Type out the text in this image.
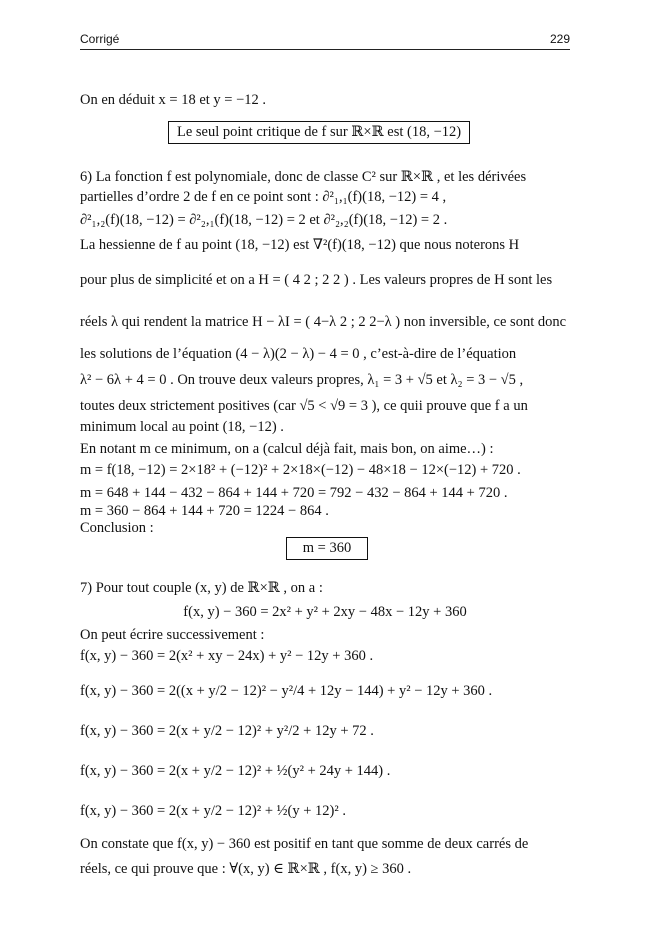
Corrigé	229
On en déduit x = 18 et y = −12 .
Le seul point critique de f sur ℝ×ℝ est (18, −12)
6) La fonction f est polynomiale, donc de classe C² sur ℝ×ℝ , et les dérivées
partielles d’ordre 2 de f en ce point sont : ∂²₁,₁(f)(18, −12) = 4 ,
∂²₁,₂(f)(18, −12) = ∂²₂,₁(f)(18, −12) = 2 et ∂²₂,₂(f)(18, −12) = 2 .
La hessienne de f au point (18, −12) est ∇²(f)(18, −12) que nous noterons H
pour plus de simplicité et on a H = ( 4 2 ; 2 2 ) . Les valeurs propres de H sont les
réels λ qui rendent la matrice H − λI = ( 4−λ 2 ; 2 2−λ ) non inversible, ce sont donc
les solutions de l’équation (4 − λ)(2 − λ) − 4 = 0 , c’est-à-dire de l’équation
λ² − 6λ + 4 = 0 . On trouve deux valeurs propres, λ₁ = 3 + √5 et λ₂ = 3 − √5 ,
toutes deux strictement positives (car √5 < √9 = 3 ), ce quii prouve que f a un
minimum local au point (18, −12) .
En notant m ce minimum, on a (calcul déjà fait, mais bon, on aime…) :
m = f(18, −12) = 2×18² + (−12)² + 2×18×(−12) − 48×18 − 12×(−12) + 720 .
m = 648 + 144 − 432 − 864 + 144 + 720 = 792 − 432 − 864 + 144 + 720 .
m = 360 − 864 + 144 + 720 = 1224 − 864 .
Conclusion :
m = 360
7) Pour tout couple (x, y) de ℝ×ℝ , on a :
f(x, y) − 360 = 2x² + y² + 2xy − 48x − 12y + 360
On peut écrire successivement :
f(x, y) − 360 = 2(x² + xy − 24x) + y² − 12y + 360 .
f(x, y) − 360 = 2((x + y/2 − 12)² − y²/4 + 12y − 144) + y² − 12y + 360 .
f(x, y) − 360 = 2(x + y/2 − 12)² + y²/2 + 12y + 72 .
f(x, y) − 360 = 2(x + y/2 − 12)² + ½(y² + 24y + 144) .
f(x, y) − 360 = 2(x + y/2 − 12)² + ½(y + 12)² .
On constate que f(x, y) − 360 est positif en tant que somme de deux carrés de
réels, ce qui prouve que : ∀(x, y) ∈ ℝ×ℝ , f(x, y) ≥ 360 .
